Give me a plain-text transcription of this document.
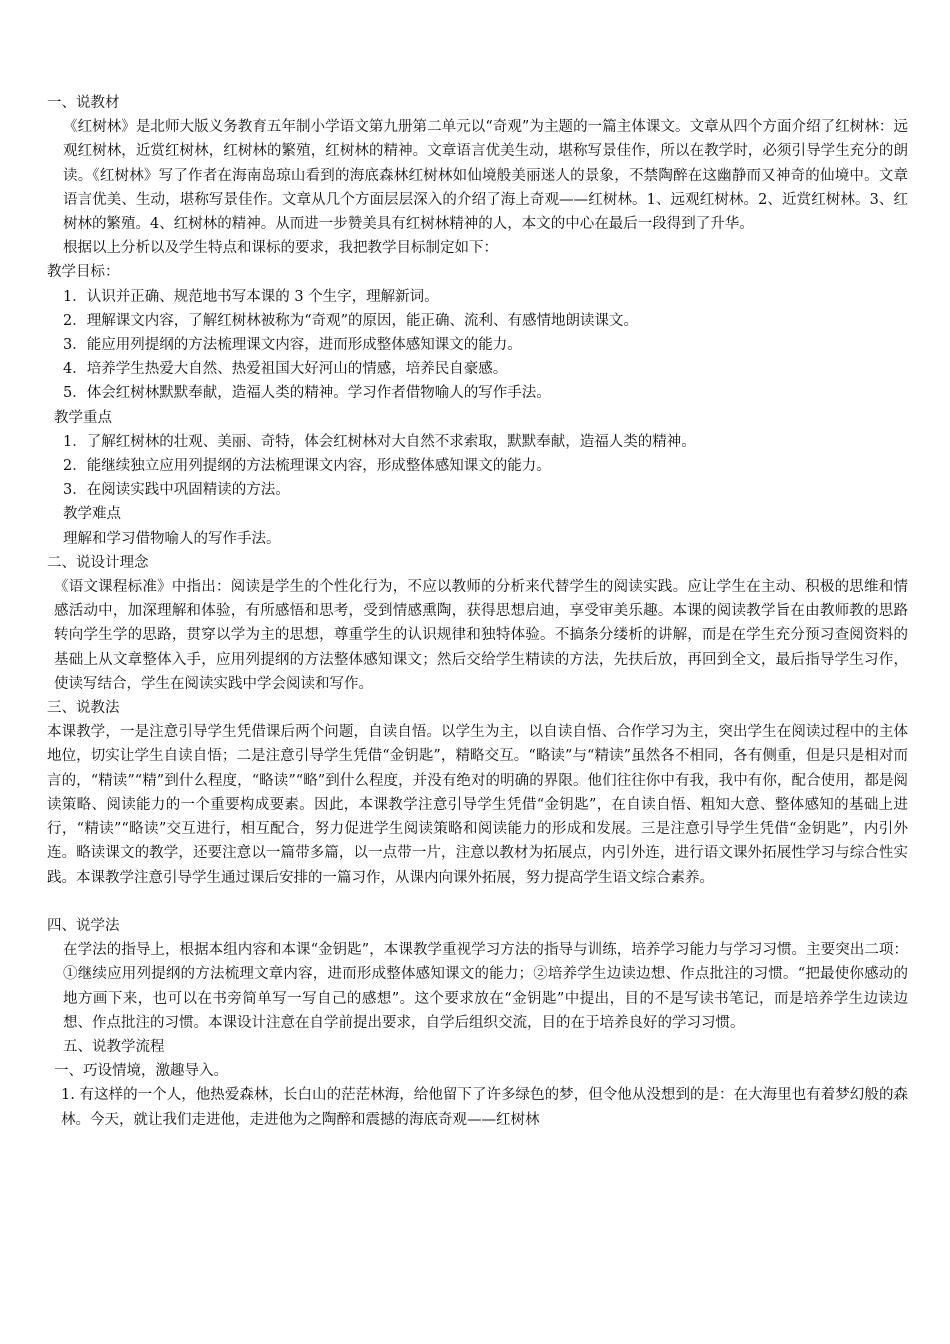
一、说教材

《红树林》是北师大版义务教育五年制小学语文第九册第二单元以“奇观”为主题的一篇主体课文。文章从四个方面介绍了红树林：远观红树林，近赏红树林，红树林的繁殖，红树林的精神。文章语言优美生动，堪称写景佳作，所以在教学时，必须引导学生充分的朗读。《红树林》写了作者在海南岛琼山看到的海底森林红树林如仙境般美丽迷人的景象，不禁陶醉在这幽静而又神奇的仙境中。文章语言优美、生动，堪称写景佳作。文章从几个方面层层深入的介绍了海上奇观——红树林。1、远观红树林。2、近赏红树林。3、红树林的繁殖。4、红树林的精神。从而进一步赞美具有红树林精神的人，本文的中心在最后一段得到了升华。

根据以上分析以及学生特点和课标的要求，我把教学目标制定如下：

教学目标：

1．认识并正确、规范地书写本课的 3 个生字，理解新词。

2．理解课文内容，了解红树林被称为“奇观”的原因，能正确、流利、有感情地朗读课文。

3．能应用列提纲的方法梳理课文内容，进而形成整体感知课文的能力。

4．培养学生热爱大自然、热爱祖国大好河山的情感，培养民自豪感。

5．体会红树林默默奉献，造福人类的精神。学习作者借物喻人的写作手法。

教学重点

1．了解红树林的壮观、美丽、奇特，体会红树林对大自然不求索取，默默奉献，造福人类的精神。

2．能继续独立应用列提纲的方法梳理课文内容，形成整体感知课文的能力。

3．在阅读实践中巩固精读的方法。

教学难点

理解和学习借物喻人的写作手法。

二、说设计理念

《语文课程标准》中指出：阅读是学生的个性化行为，不应以教师的分析来代替学生的阅读实践。应让学生在主动、积极的思维和情感活动中，加深理解和体验，有所感悟和思考，受到情感熏陶，获得思想启迪，享受审美乐趣。本课的阅读教学旨在由教师教的思路转向学生学的思路，贯穿以学为主的思想，尊重学生的认识规律和独特体验。不搞条分缕析的讲解，而是在学生充分预习查阅资料的基础上从文章整体入手，应用列提纲的方法整体感知课文；然后交给学生精读的方法，先扶后放，再回到全文，最后指导学生习作，使读写结合，学生在阅读实践中学会阅读和写作。

三、说教法

本课教学，一是注意引导学生凭借课后两个问题，自读自悟。以学生为主，以自读自悟、合作学习为主，突出学生在阅读过程中的主体地位，切实让学生自读自悟；二是注意引导学生凭借“金钥匙”，精略交互。“略读”与“精读”虽然各不相同，各有侧重，但是只是相对而言的，“精读”“精”到什么程度，“略读”“略”到什么程度，并没有绝对的明确的界限。他们往往你中有我，我中有你，配合使用，都是阅读策略、阅读能力的一个重要构成要素。因此，本课教学注意引导学生凭借“金钥匙”，在自读自悟、粗知大意、整体感知的基础上进行，“精读”“略读”交互进行，相互配合，努力促进学生阅读策略和阅读能力的形成和发展。三是注意引导学生凭借“金钥匙”，内引外连。略读课文的教学，还要注意以一篇带多篇，以一点带一片，注意以教材为拓展点，内引外连，进行语文课外拓展性学习与综合性实践。本课教学注意引导学生通过课后安排的一篇习作，从课内向课外拓展，努力提高学生语文综合素养。

四、说学法

在学法的指导上，根据本组内容和本课“金钥匙”，本课教学重视学习方法的指导与训练，培养学习能力与学习习惯。主要突出二项：①继续应用列提纲的方法梳理文章内容，进而形成整体感知课文的能力；②培养学生边读边想、作点批注的习惯。“把最使你感动的地方画下来，也可以在书旁简单写一写自己的感想”。这个要求放在“金钥匙”中提出，目的不是写读书笔记，而是培养学生边读边想、作点批注的习惯。本课设计注意在自学前提出要求，自学后组织交流，目的在于培养良好的学习习惯。

五、说教学流程

一、巧设情境，激趣导入。

1. 有这样的一个人，他热爱森林，长白山的茫茫林海，给他留下了许多绿色的梦，但令他从没想到的是：在大海里也有着梦幻般的森林。今天，就让我们走进他，走进他为之陶醉和震撼的海底奇观——红树林
